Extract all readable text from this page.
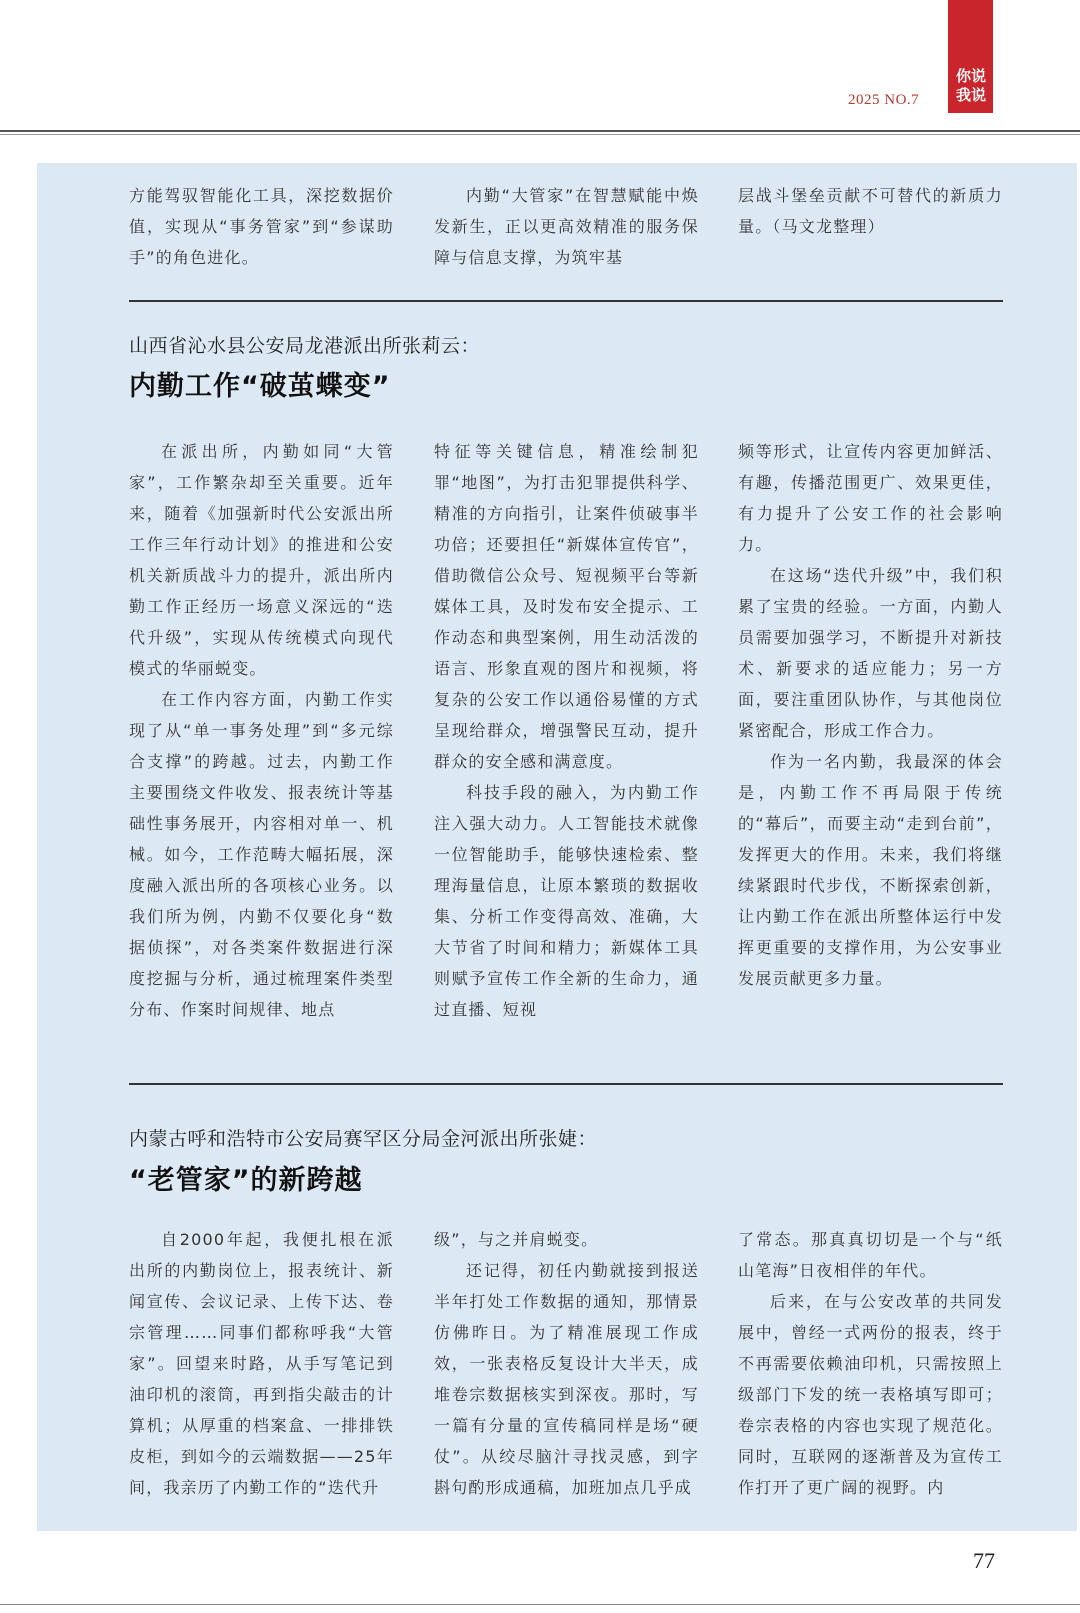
2025 NO.7
你说
我说

方能驾驭智能化工具，深挖数据价值，实现从“事务管家”到“参谋助手”的角色进化。

内勤“大管家”在智慧赋能中焕发新生，正以更高效精准的服务保障与信息支撑，为筑牢基

层战斗堡垒贡献不可替代的新质力量。（马文龙整理）

山西省沁水县公安局龙港派出所张莉云：
内勤工作“破茧蝶变”

在派出所，内勤如同“大管家”，工作繁杂却至关重要。近年来，随着《加强新时代公安派出所工作三年行动计划》的推进和公安机关新质战斗力的提升，派出所内勤工作正经历一场意义深远的“迭代升级”，实现从传统模式向现代模式的华丽蜕变。

在工作内容方面，内勤工作实现了从“单一事务处理”到“多元综合支撑”的跨越。过去，内勤工作主要围绕文件收发、报表统计等基础性事务展开，内容相对单一、机械。如今，工作范畴大幅拓展，深度融入派出所的各项核心业务。以我们所为例，内勤不仅要化身“数据侦探”，对各类案件数据进行深度挖掘与分析，通过梳理案件类型分布、作案时间规律、地点

特征等关键信息，精准绘制犯罪“地图”，为打击犯罪提供科学、精准的方向指引，让案件侦破事半功倍；还要担任“新媒体宣传官”，借助微信公众号、短视频平台等新媒体工具，及时发布安全提示、工作动态和典型案例，用生动活泼的语言、形象直观的图片和视频，将复杂的公安工作以通俗易懂的方式呈现给群众，增强警民互动，提升群众的安全感和满意度。

科技手段的融入，为内勤工作注入强大动力。人工智能技术就像一位智能助手，能够快速检索、整理海量信息，让原本繁琐的数据收集、分析工作变得高效、准确，大大节省了时间和精力；新媒体工具则赋予宣传工作全新的生命力，通过直播、短视

频等形式，让宣传内容更加鲜活、有趣，传播范围更广、效果更佳，有力提升了公安工作的社会影响力。

在这场“迭代升级”中，我们积累了宝贵的经验。一方面，内勤人员需要加强学习，不断提升对新技术、新要求的适应能力；另一方面，要注重团队协作，与其他岗位紧密配合，形成工作合力。

作为一名内勤，我最深的体会是，内勤工作不再局限于传统的“幕后”，而要主动“走到台前”，发挥更大的作用。未来，我们将继续紧跟时代步伐，不断探索创新，让内勤工作在派出所整体运行中发挥更重要的支撑作用，为公安事业发展贡献更多力量。

内蒙古呼和浩特市公安局赛罕区分局金河派出所张婕：
“老管家”的新跨越

自2000年起，我便扎根在派出所的内勤岗位上，报表统计、新闻宣传、会议记录、上传下达、卷宗管理……同事们都称呼我“大管家”。回望来时路，从手写笔记到油印机的滚筒，再到指尖敲击的计算机；从厚重的档案盒、一排排铁皮柜，到如今的云端数据——25年间，我亲历了内勤工作的“迭代升

级”，与之并肩蜕变。

还记得，初任内勤就接到报送半年打处工作数据的通知，那情景仿佛昨日。为了精准展现工作成效，一张表格反复设计大半天，成堆卷宗数据核实到深夜。那时，写一篇有分量的宣传稿同样是场“硬仗”。从绞尽脑汁寻找灵感，到字斟句酌形成通稿，加班加点几乎成

了常态。那真真切切是一个与“纸山笔海”日夜相伴的年代。

后来，在与公安改革的共同发展中，曾经一式两份的报表，终于不再需要依赖油印机，只需按照上级部门下发的统一表格填写即可；卷宗表格的内容也实现了规范化。同时，互联网的逐渐普及为宣传工作打开了更广阔的视野。内

77
